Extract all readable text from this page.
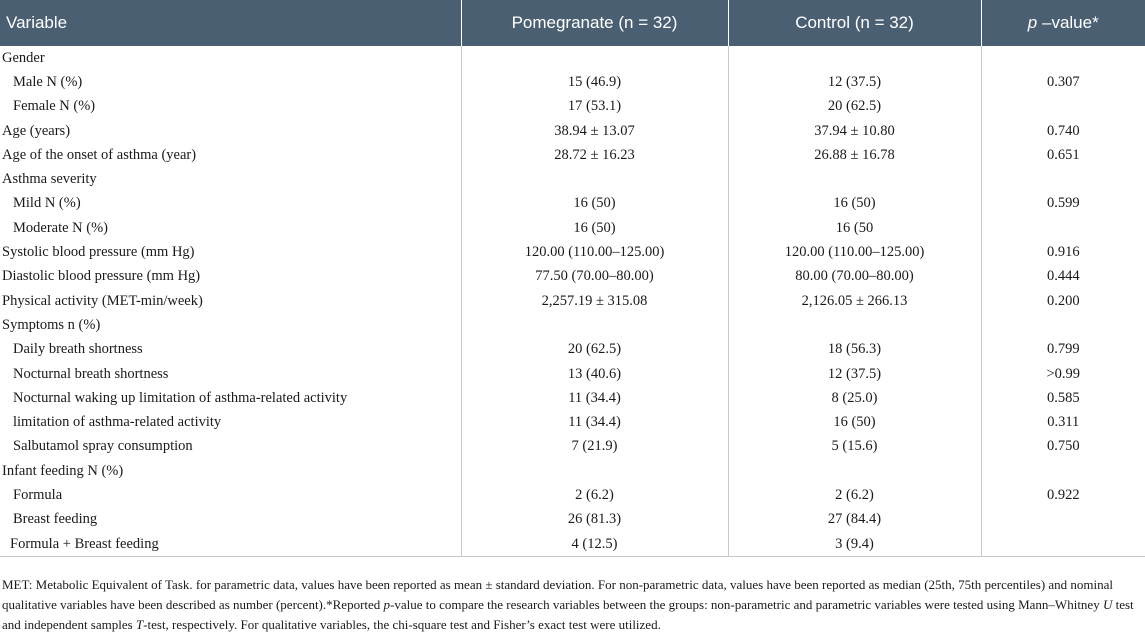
Variable	Pomegranate (n = 32)	Control (n = 32)	p –value*
Gender			
Male N (%)	15 (46.9)	12 (37.5)	0.307
Female N (%)	17 (53.1)	20 (62.5)	
Age (years)	38.94 ± 13.07	37.94 ± 10.80	0.740
Age of the onset of asthma (year)	28.72 ± 16.23	26.88 ± 16.78	0.651
Asthma severity			
Mild N (%)	16 (50)	16 (50)	0.599
Moderate N (%)	16 (50)	16 (50	
Systolic blood pressure (mm Hg)	120.00 (110.00–125.00)	120.00 (110.00–125.00)	0.916
Diastolic blood pressure (mm Hg)	77.50 (70.00–80.00)	80.00 (70.00–80.00)	0.444
Physical activity (MET-min/week)	2,257.19 ± 315.08	2,126.05 ± 266.13	0.200
Symptoms n (%)			
Daily breath shortness	20 (62.5)	18 (56.3)	0.799
Nocturnal breath shortness	13 (40.6)	12 (37.5)	>0.99
Nocturnal waking up limitation of asthma-related activity	11 (34.4)	8 (25.0)	0.585
limitation of asthma-related activity	11 (34.4)	16 (50)	0.311
Salbutamol spray consumption	7 (21.9)	5 (15.6)	0.750
Infant feeding N (%)			
Formula	2 (6.2)	2 (6.2)	0.922
Breast feeding	26 (81.3)	27 (84.4)	
Formula + Breast feeding	4 (12.5)	3 (9.4)	
MET: Metabolic Equivalent of Task. for parametric data, values have been reported as mean ± standard deviation. For non-parametric data, values have been reported as median (25th, 75th percentiles) and nominal qualitative variables have been described as number (percent).*Reported p-value to compare the research variables between the groups: non-parametric and parametric variables were tested using Mann–Whitney U test and independent samples T-test, respectively. For qualitative variables, the chi-square test and Fisher’s exact test were utilized.
